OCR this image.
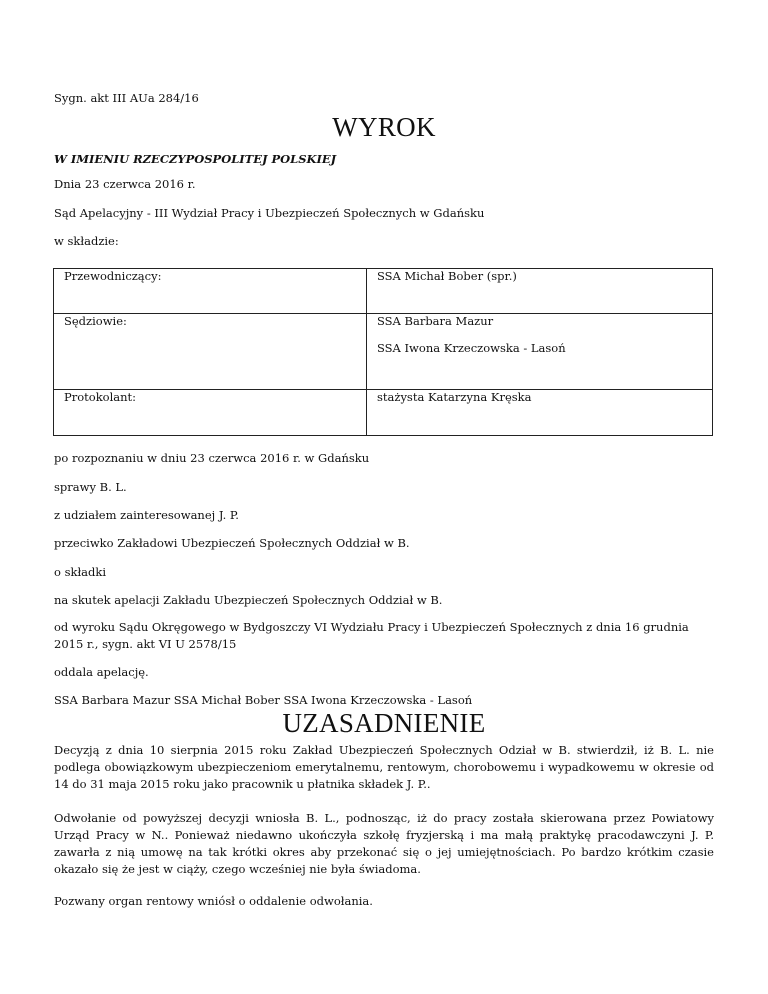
Sygn. akt III AUa 284/16
WYROK
W IMIENIU RZECZYPOSPOLITEJ POLSKIEJ
Dnia 23 czerwca 2016 r.
Sąd Apelacyjny - III Wydział Pracy i Ubezpieczeń Społecznych w Gdańsku
w składzie:
Przewodniczący:	SSA Michał Bober (spr.)
Sędziowie:	SSA Barbara Mazur
SSA Iwona Krzeczowska - Lasoń

Protokolant:	stażysta Katarzyna Kręska
po rozpoznaniu w dniu 23 czerwca 2016 r. w Gdańsku
sprawy B. L.
z udziałem zainteresowanej J. P.
przeciwko Zakładowi Ubezpieczeń Społecznych Oddział w B.
o składki
na skutek apelacji Zakładu Ubezpieczeń Społecznych Oddział w B.
od wyroku Sądu Okręgowego w Bydgoszczy VI Wydziału Pracy i Ubezpieczeń Społecznych z dnia 16 grudnia 2015 r., sygn. akt VI U 2578/15
oddala apelację.
SSA Barbara Mazur SSA Michał Bober SSA Iwona Krzeczowska - Lasoń
UZASADNIENIE
Decyzją z dnia 10 sierpnia 2015 roku Zakład Ubezpieczeń Społecznych Odział w B. stwierdził, iż B. L. nie podlega obowiązkowym ubezpieczeniom emerytalnemu, rentowym, chorobowemu i wypadkowemu w okresie od 14 do 31 maja 2015 roku jako pracownik u płatnika składek J. P..
Odwołanie od powyższej decyzji wniosła B. L., podnosząc, iż do pracy została skierowana przez Powiatowy Urząd Pracy w N.. Ponieważ niedawno ukończyła szkołę fryzjerską i ma małą praktykę pracodawczyni J. P. zawarła z nią umowę na tak krótki okres aby przekonać się o jej umiejętnościach. Po bardzo krótkim czasie okazało się że jest w ciąży, czego wcześniej nie była świadoma.
Pozwany organ rentowy wniósł o oddalenie odwołania.
